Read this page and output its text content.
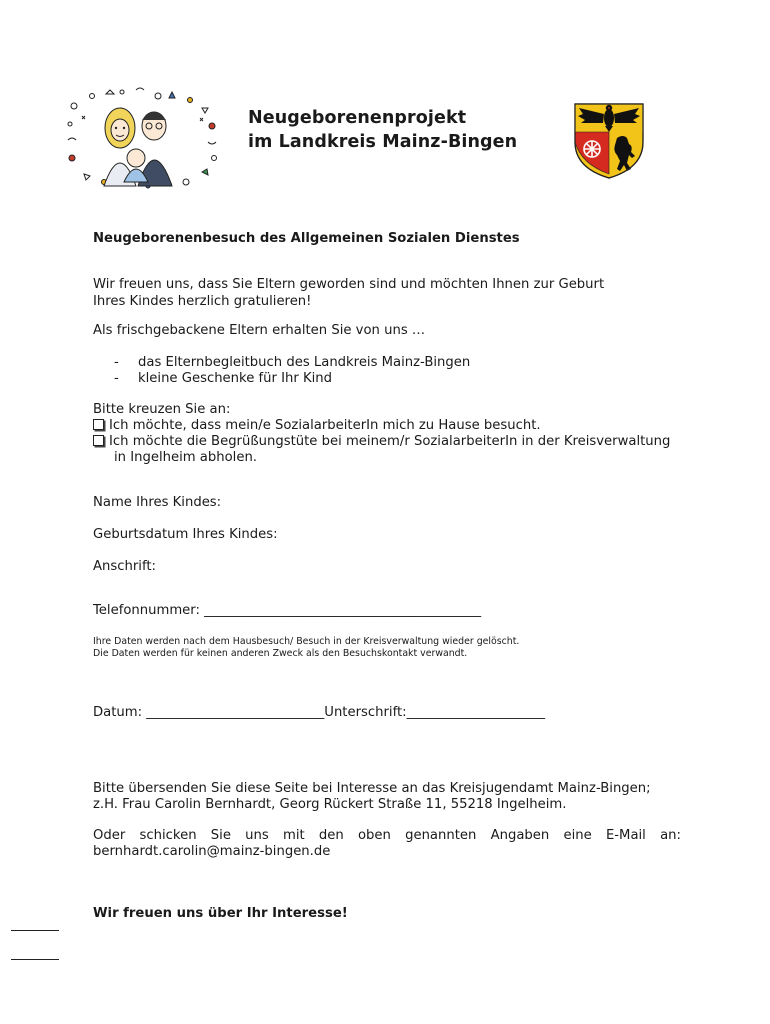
Neugeborenenprojekt
im Landkreis Mainz-Bingen
Neugeborenenbesuch des Allgemeinen Sozialen Dienstes
Wir freuen uns, dass Sie Eltern geworden sind und möchten Ihnen zur Geburt
Ihres Kindes herzlich gratulieren!
Als frischgebackene Eltern erhalten Sie von uns …
- das Elternbegleitbuch des Landkreis Mainz-Bingen
- kleine Geschenke für Ihr Kind
Bitte kreuzen Sie an:
Ich möchte, dass mein/e SozialarbeiterIn mich zu Hause besucht.
Ich möchte die Begrüßungstüte bei meinem/r SozialarbeiterIn in der Kreisverwaltung
in Ingelheim abholen.
Name Ihres Kindes:
Geburtsdatum Ihres Kindes:
Anschrift:
Telefonnummer: __________________________________________
Ihre Daten werden nach dem Hausbesuch/ Besuch in der Kreisverwaltung wieder gelöscht.
Die Daten werden für keinen anderen Zweck als den Besuchskontakt verwandt.
Datum: ___________________________Unterschrift:_____________________
Bitte übersenden Sie diese Seite bei Interesse an das Kreisjugendamt Mainz-Bingen;
z.H. Frau Carolin Bernhardt, Georg Rückert Straße 11, 55218 Ingelheim.
Oder schicken Sie uns mit den oben genannten Angaben eine E-Mail an:
bernhardt.carolin@mainz-bingen.de
Wir freuen uns über Ihr Interesse!
